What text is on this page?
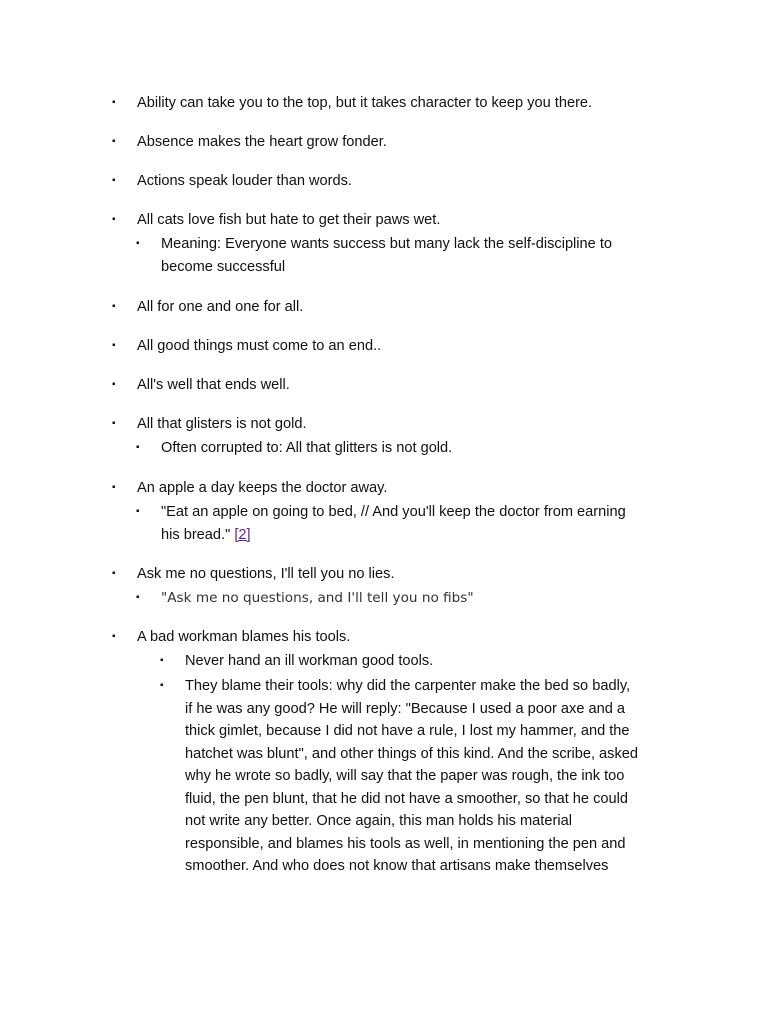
▪	Ability can take you to the top, but it takes character to keep you there.
▪	Absence makes the heart grow fonder.
▪	Actions speak louder than words.
▪	All cats love fish but hate to get their paws wet.
▪	Meaning: Everyone wants success but many lack the self-discipline to
become successful
▪	All for one and one for all.
▪	All good things must come to an end..
▪	All's well that ends well.
▪	All that glisters is not gold.
▪	Often corrupted to: All that glitters is not gold.
▪	An apple a day keeps the doctor away.
▪	"Eat an apple on going to bed, // And you'll keep the doctor from earning
his bread." [2]
▪	Ask me no questions, I'll tell you no lies.
▪	"Ask me no questions, and I'll tell you no fibs"
▪	A bad workman blames his tools.
▪	Never hand an ill workman good tools.
▪	They blame their tools: why did the carpenter make the bed so badly,
if he was any good? He will reply: "Because I used a poor axe and a
thick gimlet, because I did not have a rule, I lost my hammer, and the
hatchet was blunt", and other things of this kind. And the scribe, asked
why he wrote so badly, will say that the paper was rough, the ink too
fluid, the pen blunt, that he did not have a smoother, so that he could
not write any better. Once again, this man holds his material
responsible, and blames his tools as well, in mentioning the pen and
smoother. And who does not know that artisans make themselves
